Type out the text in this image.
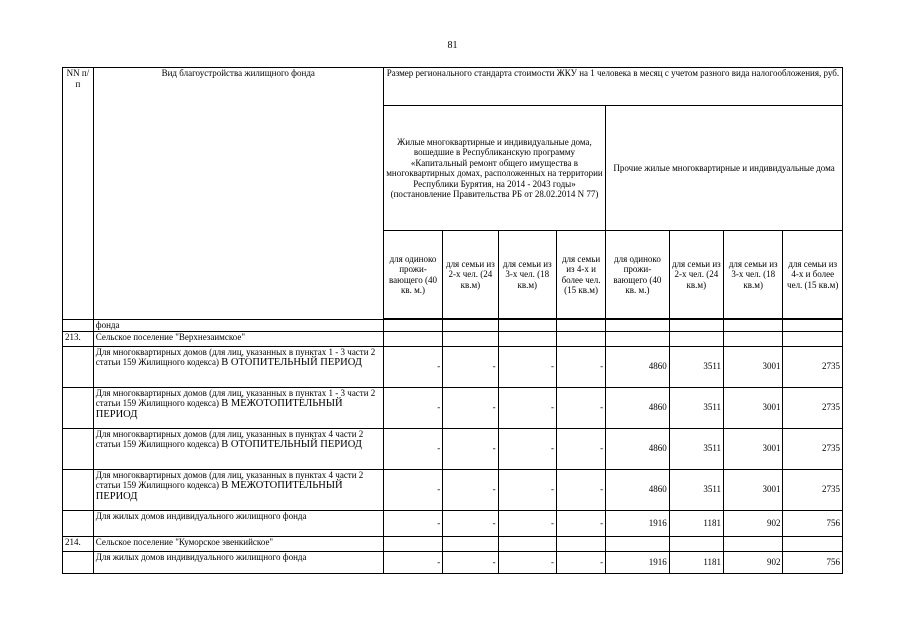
81
NN п/п	Вид благоустройства жилищного фонда	Размер регионального стандарта стоимости ЖКУ на 1 человека в месяц с учетом разного вида налогообложения, руб.							
		Жилые многоквартирные и индивидуальные дома, вошедшие в Республиканскую программу «Капитальный ремонт общего имущества в многоквартирных домах, расположенных на территории Республики Бурятия, на 2014 - 2043 годы» (постановление Правительства РБ от 28.02.2014 N 77)				Прочие жилые многоквартирные и индивидуальные дома			
		для одиноко прожи-вающего (40 кв. м.)	для семьи из 2-х чел. (24 кв.м)	для семьи из 3-х чел. (18 кв.м)	для семьи из 4-х и более чел. (15 кв.м)	для одиноко прожи-вающего (40 кв. м.)	для семьи из 2-х чел. (24 кв.м)	для семьи из 3-х чел. (18 кв.м)	для семьи из 4-х и более чел. (15 кв.м)

	фонда								
213.	Сельское поселение "Верхнезаимское"								
	Для многоквартирных домов (для лиц, указанных в пунктах 1 - 3 части 2 статьи 159 Жилищного кодекса) В ОТОПИТЕЛЬНЫЙ ПЕРИОД	-	-	-	-	4860	3511	3001	2735
	Для многоквартирных домов (для лиц, указанных в пунктах 1 - 3 части 2 статьи 159 Жилищного кодекса) В МЕЖОТОПИТЕЛЬНЫЙ ПЕРИОД	-	-	-	-	4860	3511	3001	2735
	Для многоквартирных домов (для лиц, указанных в пунктах 4 части 2 статьи 159 Жилищного кодекса) В ОТОПИТЕЛЬНЫЙ ПЕРИОД	-	-	-	-	4860	3511	3001	2735
	Для многоквартирных домов (для лиц, указанных в пунктах 4 части 2 статьи 159 Жилищного кодекса) В МЕЖОТОПИТЕЛЬНЫЙ ПЕРИОД	-	-	-	-	4860	3511	3001	2735
	Для жилых домов индивидуального жилищного фонда	-	-	-	-	1916	1181	902	756
214.	Сельское поселение "Куморское эвенкийское"								
	Для жилых домов индивидуального жилищного фонда	-	-	-	-	1916	1181	902	756
